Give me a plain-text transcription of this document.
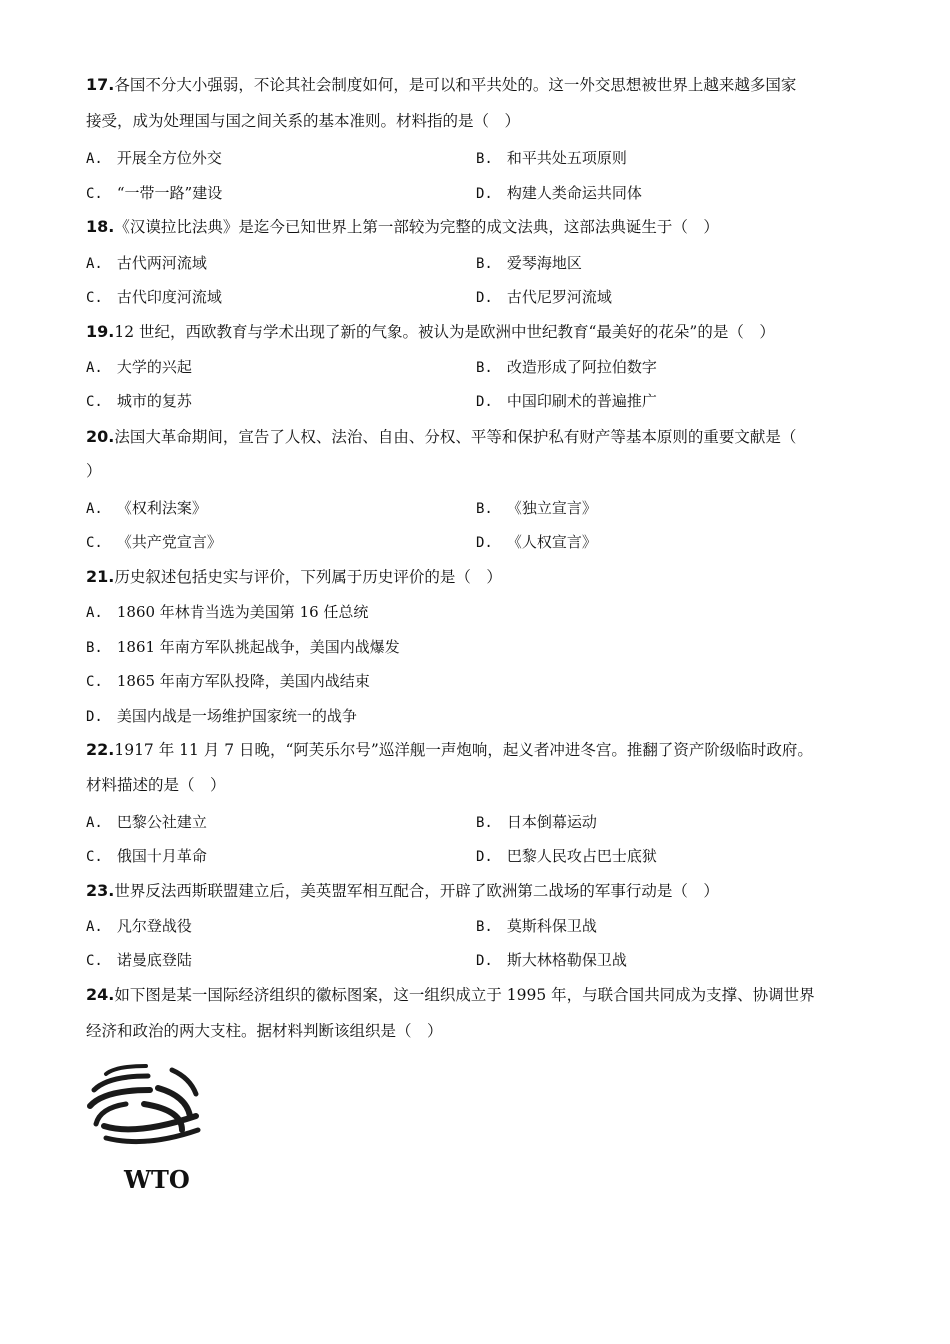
17.各国不分大小强弱，不论其社会制度如何，是可以和平共处的。这一外交思想被世界上越来越多国家
接受，成为处理国与国之间关系的基本准则。材料指的是（　）
A. 开展全方位外交	B. 和平共处五项原则
C. “一带一路”建设	D. 构建人类命运共同体
18.《汉谟拉比法典》是迄今已知世界上第一部较为完整的成文法典，这部法典诞生于（　）
A. 古代两河流域	B. 爱琴海地区
C. 古代印度河流域	D. 古代尼罗河流域
19.12 世纪，西欧教育与学术出现了新的气象。被认为是欧洲中世纪教育“最美好的花朵”的是（　）
A. 大学的兴起	B. 改造形成了阿拉伯数字
C. 城市的复苏	D. 中国印刷术的普遍推广
20.法国大革命期间，宣告了人权、法治、自由、分权、平等和保护私有财产等基本原则的重要文献是（
）
A. 《权利法案》	B. 《独立宣言》
C. 《共产党宣言》	D. 《人权宣言》
21.历史叙述包括史实与评价，下列属于历史评价的是（　）
A. 1860 年林肯当选为美国第 16 任总统
B. 1861 年南方军队挑起战争，美国内战爆发
C. 1865 年南方军队投降，美国内战结束
D. 美国内战是一场维护国家统一的战争
22.1917 年 11 月 7 日晚，“阿芙乐尔号”巡洋舰一声炮响，起义者冲进冬宫。推翻了资产阶级临时政府。
材料描述的是（　）
A. 巴黎公社建立	B. 日本倒幕运动
C. 俄国十月革命	D. 巴黎人民攻占巴士底狱
23.世界反法西斯联盟建立后，美英盟军相互配合，开辟了欧洲第二战场的军事行动是（　）
A. 凡尔登战役	B. 莫斯科保卫战
C. 诺曼底登陆	D. 斯大林格勒保卫战
24.如下图是某一国际经济组织的徽标图案，这一组织成立于 1995 年，与联合国共同成为支撑、协调世界
经济和政治的两大支柱。据材料判断该组织是（　）
WTO
